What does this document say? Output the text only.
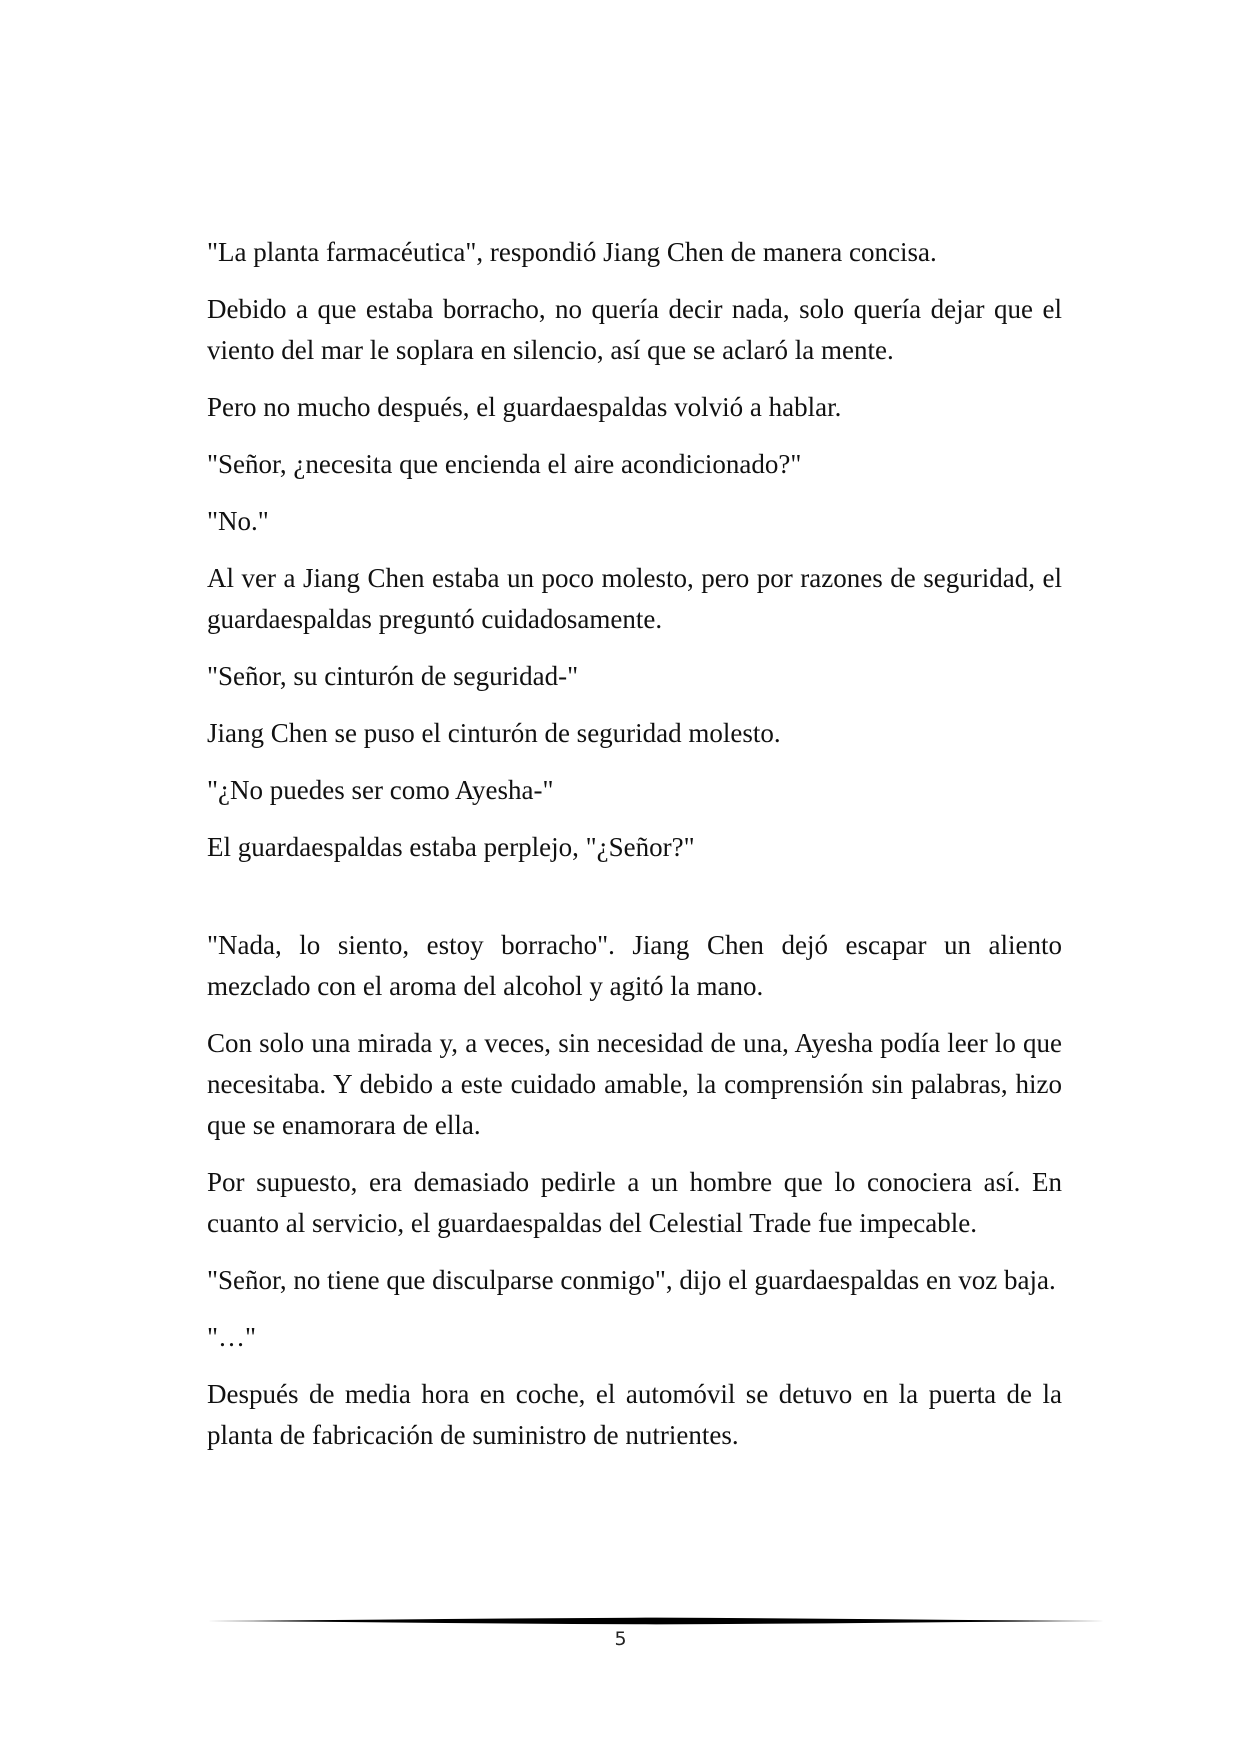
"La planta farmacéutica", respondió Jiang Chen de manera concisa.

Debido a que estaba borracho, no quería decir nada, solo quería dejar que el viento del mar le soplara en silencio, así que se aclaró la mente.

Pero no mucho después, el guardaespaldas volvió a hablar.

"Señor, ¿necesita que encienda el aire acondicionado?"

"No."

Al ver a Jiang Chen estaba un poco molesto, pero por razones de seguridad, el guardaespaldas preguntó cuidadosamente.

"Señor, su cinturón de seguridad-"

Jiang Chen se puso el cinturón de seguridad molesto.

"¿No puedes ser como Ayesha-"

El guardaespaldas estaba perplejo, "¿Señor?"

"Nada, lo siento, estoy borracho". Jiang Chen dejó escapar un aliento mezclado con el aroma del alcohol y agitó la mano.

Con solo una mirada y, a veces, sin necesidad de una, Ayesha podía leer lo que necesitaba. Y debido a este cuidado amable, la comprensión sin palabras, hizo que se enamorara de ella.

Por supuesto, era demasiado pedirle a un hombre que lo conociera así. En cuanto al servicio, el guardaespaldas del Celestial Trade fue impecable.

"Señor, no tiene que disculparse conmigo", dijo el guardaespaldas en voz baja.

"…"

Después de media hora en coche, el automóvil se detuvo en la puerta de la planta de fabricación de suministro de nutrientes.

5
